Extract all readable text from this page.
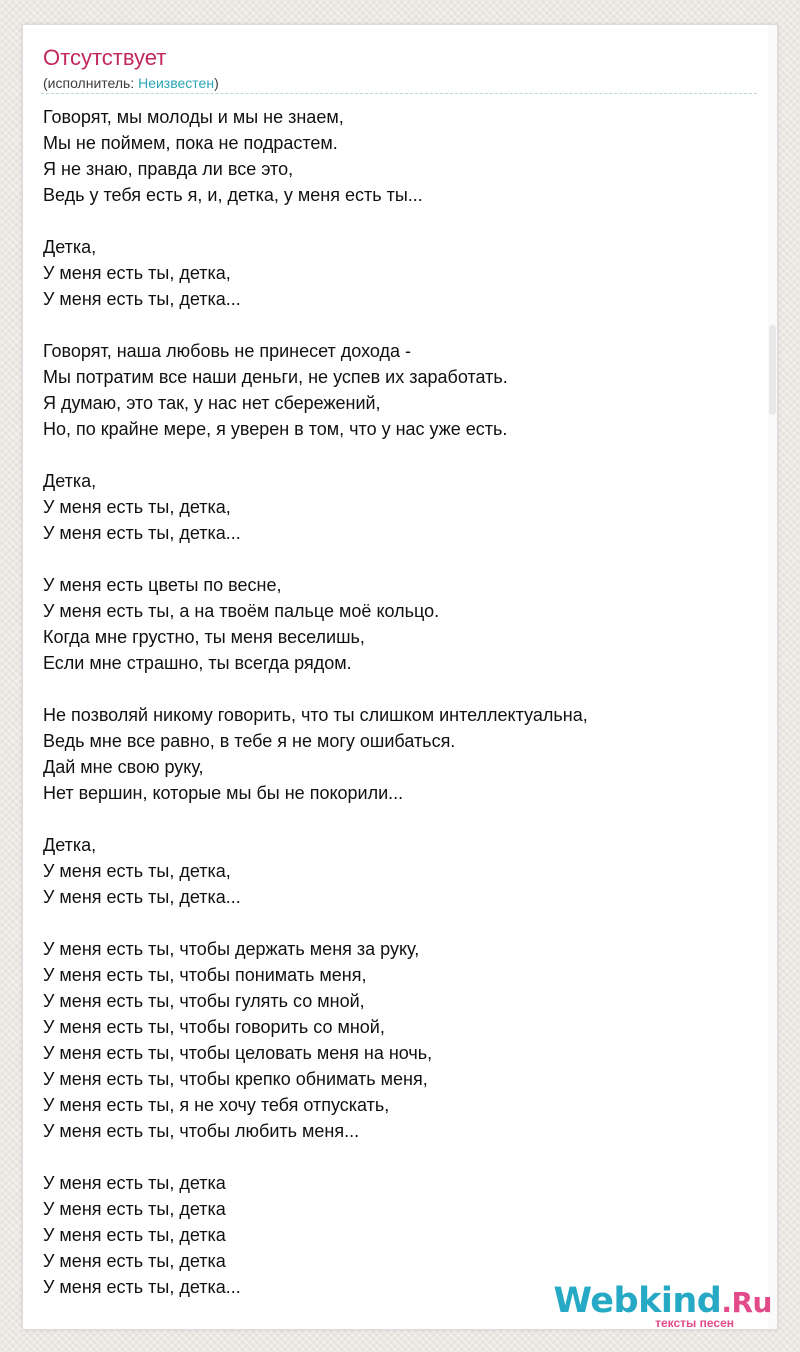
Отсутствует
(исполнитель: Неизвестен)
Говорят, мы молоды и мы не знаем,
Мы не поймем, пока не подрастем.
Я не знаю, правда ли все это,
Ведь у тебя есть я, и, детка, у меня есть ты...
Детка,
У меня есть ты, детка,
У меня есть ты, детка...
Говорят, наша любовь не принесет дохода -
Мы потратим все наши деньги, не успев их заработать.
Я думаю, это так, у нас нет сбережений,
Но, по крайне мере, я уверен в том, что у нас уже есть.
Детка,
У меня есть ты, детка,
У меня есть ты, детка...
У меня есть цветы по весне,
У меня есть ты, а на твоём пальце моё кольцо.
Когда мне грустно, ты меня веселишь,
Если мне страшно, ты всегда рядом.
Не позволяй никому говорить, что ты слишком интеллектуальна,
Ведь мне все равно, в тебе я не могу ошибаться.
Дай мне свою руку,
Нет вершин, которые мы бы не покорили...
Детка,
У меня есть ты, детка,
У меня есть ты, детка...
У меня есть ты, чтобы держать меня за руку,
У меня есть ты, чтобы понимать меня,
У меня есть ты, чтобы гулять со мной,
У меня есть ты, чтобы говорить со мной,
У меня есть ты, чтобы целовать меня на ночь,
У меня есть ты, чтобы крепко обнимать меня,
У меня есть ты, я не хочу тебя отпускать,
У меня есть ты, чтобы любить меня...
У меня есть ты, детка
У меня есть ты, детка
У меня есть ты, детка
У меня есть ты, детка
У меня есть ты, детка...	Webkind.Ru
тексты песен
